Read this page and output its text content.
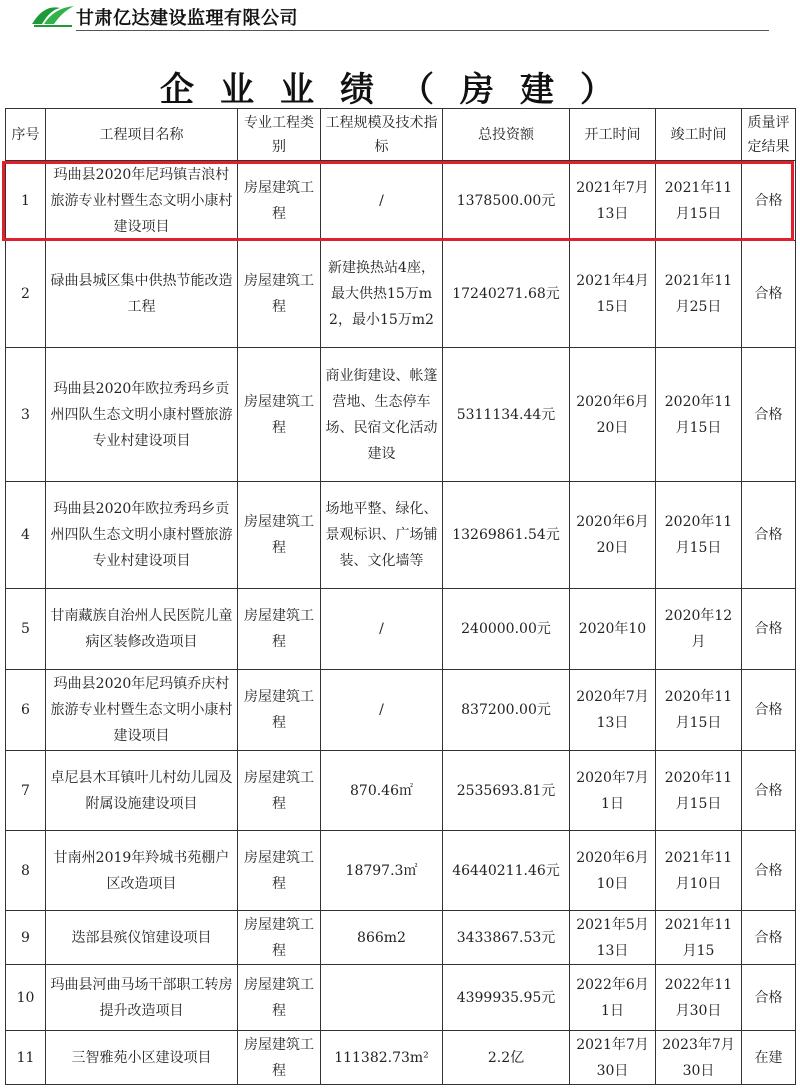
甘肃亿达建设监理有限公司
企业业绩（房建）
序号	工程项目名称	专业工程类别	工程规模及技术指标	总投资额	开工时间	竣工时间	质量评定结果
1	玛曲县2020年尼玛镇吉浪村旅游专业村暨生态文明小康村建设项目	房屋建筑工程	/	1378500.00元	2021年7月13日	2021年11月15日	合格
2	碌曲县城区集中供热节能改造工程	房屋建筑工程	新建换热站4座，最大供热15万m2，最小15万m2	17240271.68元	2021年4月15日	2021年11月25日	合格
3	玛曲县2020年欧拉秀玛乡贡州四队生态文明小康村暨旅游专业村建设项目	房屋建筑工程	商业街建设、帐篷营地、生态停车场、民宿文化活动建设	5311134.44元	2020年6月20日	2020年11月15日	合格
4	玛曲县2020年欧拉秀玛乡贡州四队生态文明小康村暨旅游专业村建设项目	房屋建筑工程	场地平整、绿化、景观标识、广场铺装、文化墙等	13269861.54元	2020年6月20日	2020年11月15日	合格
5	甘南藏族自治州人民医院儿童病区装修改造项目	房屋建筑工程	/	240000.00元	2020年10	2020年12月	合格
6	玛曲县2020年尼玛镇乔庆村旅游专业村暨生态文明小康村建设项目	房屋建筑工程	/	837200.00元	2020年7月13日	2020年11月15日	合格
7	卓尼县木耳镇叶儿村幼儿园及附属设施建设项目	房屋建筑工程	870.46㎡	2535693.81元	2020年7月1日	2020年11月15日	合格
8	甘南州2019年羚城书苑棚户区改造项目	房屋建筑工程	18797.3㎡	46440211.46元	2020年6月10日	2021年11月10日	合格
9	迭部县殡仪馆建设项目	房屋建筑工程	866m2	3433867.53元	2021年5月13日	2021年11月15	合格
10	玛曲县河曲马场干部职工转房提升改造项目	房屋建筑工程		4399935.95元	2022年6月1日	2022年11月30日	合格
11	三智雅苑小区建设项目	房屋建筑工程	111382.73m²	2.2亿	2021年7月30日	2023年7月30日	在建
